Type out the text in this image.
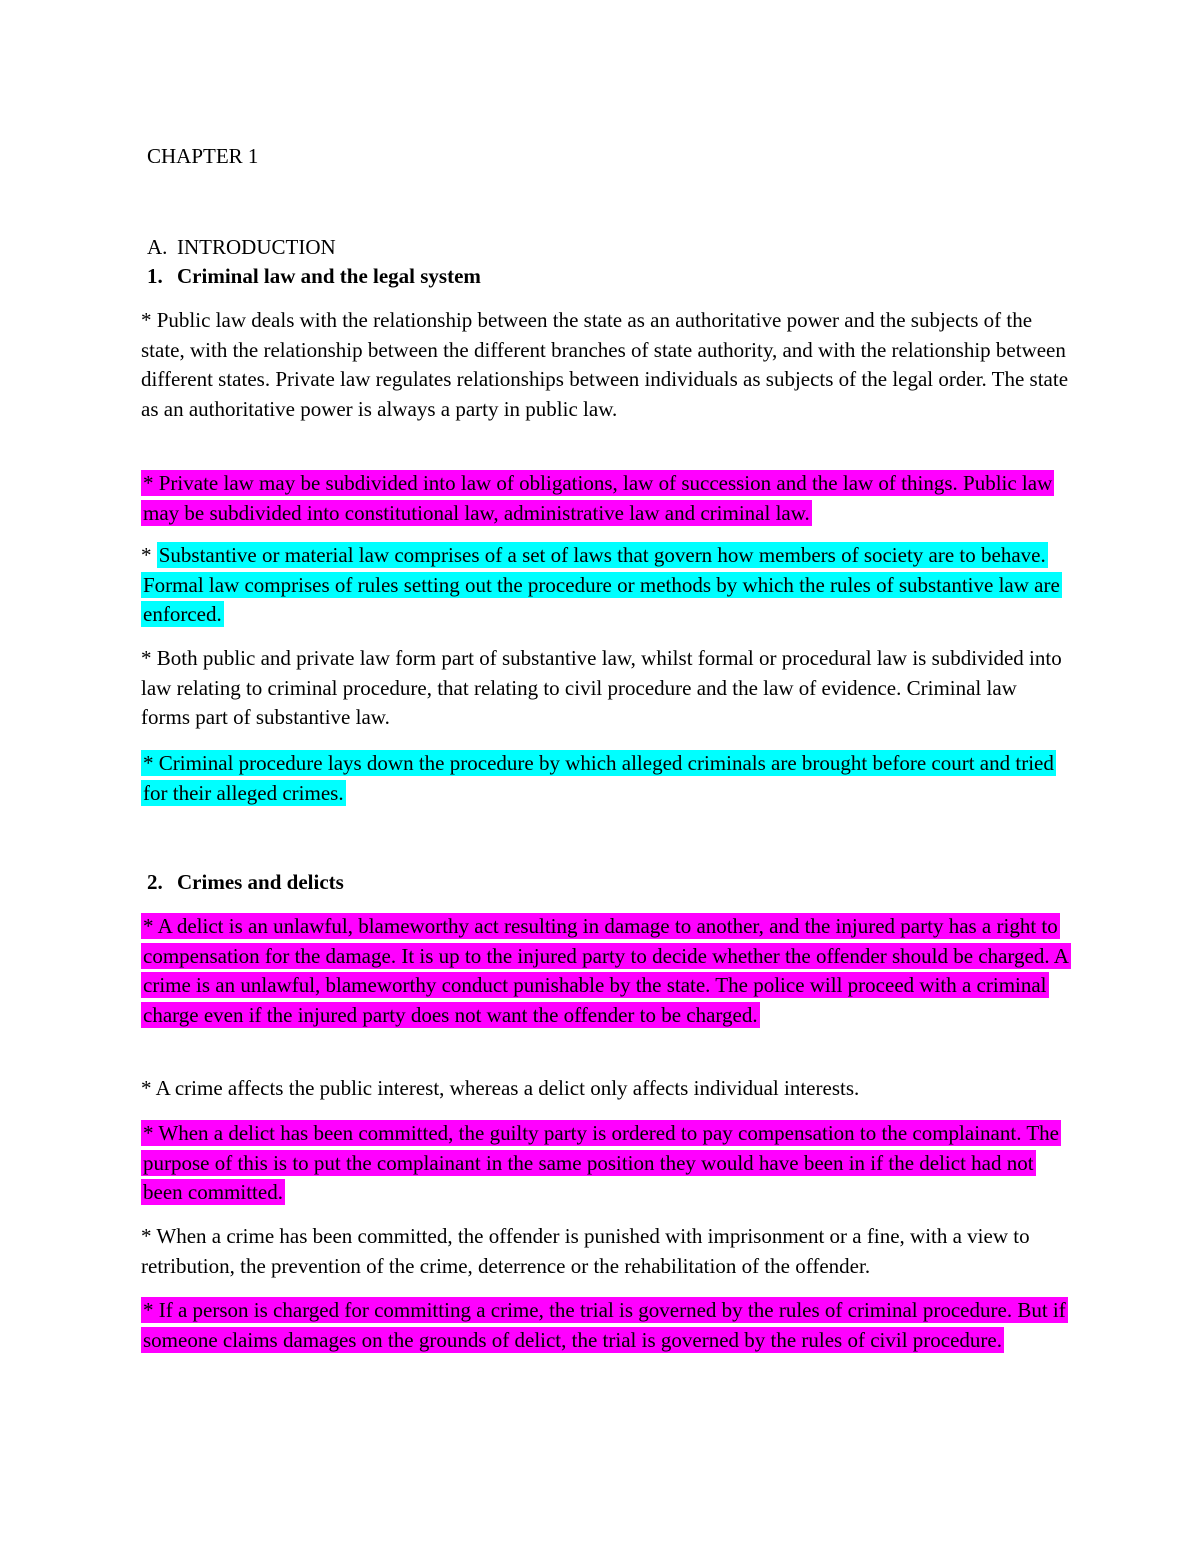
CHAPTER 1
A. INTRODUCTION
1. Criminal law and the legal system

* Public law deals with the relationship between the state as an authoritative power and the subjects of the state, with the relationship between the different branches of state authority, and with the relationship between different states. Private law regulates relationships between individuals as subjects of the legal order. The state as an authoritative power is always a party in public law.

* Private law may be subdivided into law of obligations, law of succession and the law of things. Public law may be subdivided into constitutional law, administrative law and criminal law.

* Substantive or material law comprises of a set of laws that govern how members of society are to behave. Formal law comprises of rules setting out the procedure or methods by which the rules of substantive law are enforced.

* Both public and private law form part of substantive law, whilst formal or procedural law is subdivided into law relating to criminal procedure, that relating to civil procedure and the law of evidence. Criminal law forms part of substantive law.

* Criminal procedure lays down the procedure by which alleged criminals are brought before court and tried for their alleged crimes.

2. Crimes and delicts

* A delict is an unlawful, blameworthy act resulting in damage to another, and the injured party has a right to compensation for the damage. It is up to the injured party to decide whether the offender should be charged. A crime is an unlawful, blameworthy conduct punishable by the state. The police will proceed with a criminal charge even if the injured party does not want the offender to be charged.

* A crime affects the public interest, whereas a delict only affects individual interests.

* When a delict has been committed, the guilty party is ordered to pay compensation to the complainant. The purpose of this is to put the complainant in the same position they would have been in if the delict had not been committed.

* When a crime has been committed, the offender is punished with imprisonment or a fine, with a view to retribution, the prevention of the crime, deterrence or the rehabilitation of the offender.

* If a person is charged for committing a crime, the trial is governed by the rules of criminal procedure. But if someone claims damages on the grounds of delict, the trial is governed by the rules of civil procedure.
